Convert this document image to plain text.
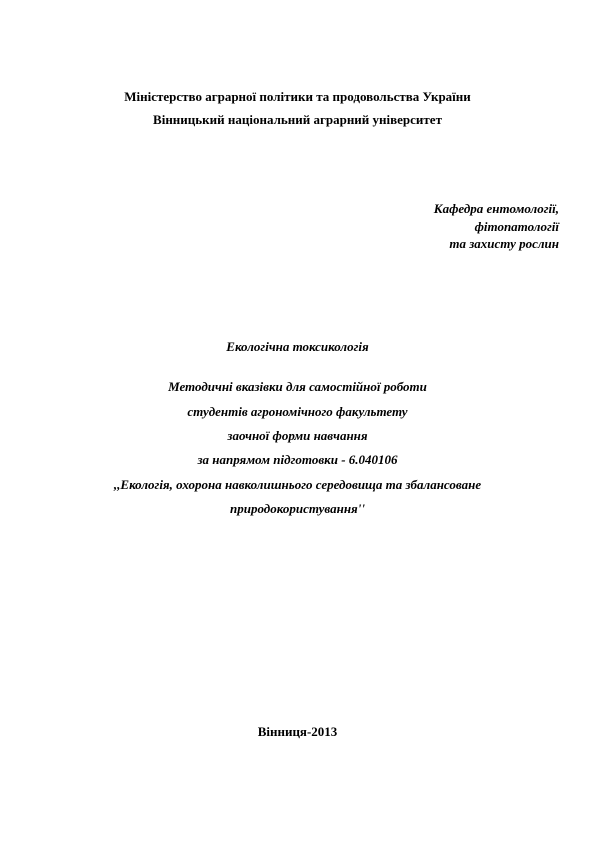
Міністерство аграрної політики та продовольства України
Вінницький національний аграрний університет
Кафедра ентомології,
фітопатології
та захисту рослин
Екологічна токсикологія
Методичні вказівки для самостійної роботи
студентів агрономічного факультету
заочної форми навчання
за напрямом підготовки - 6.040106
,,Екологія, охорона навколишнього середовища та збалансоване
природокористування''
Вінниця-2013
